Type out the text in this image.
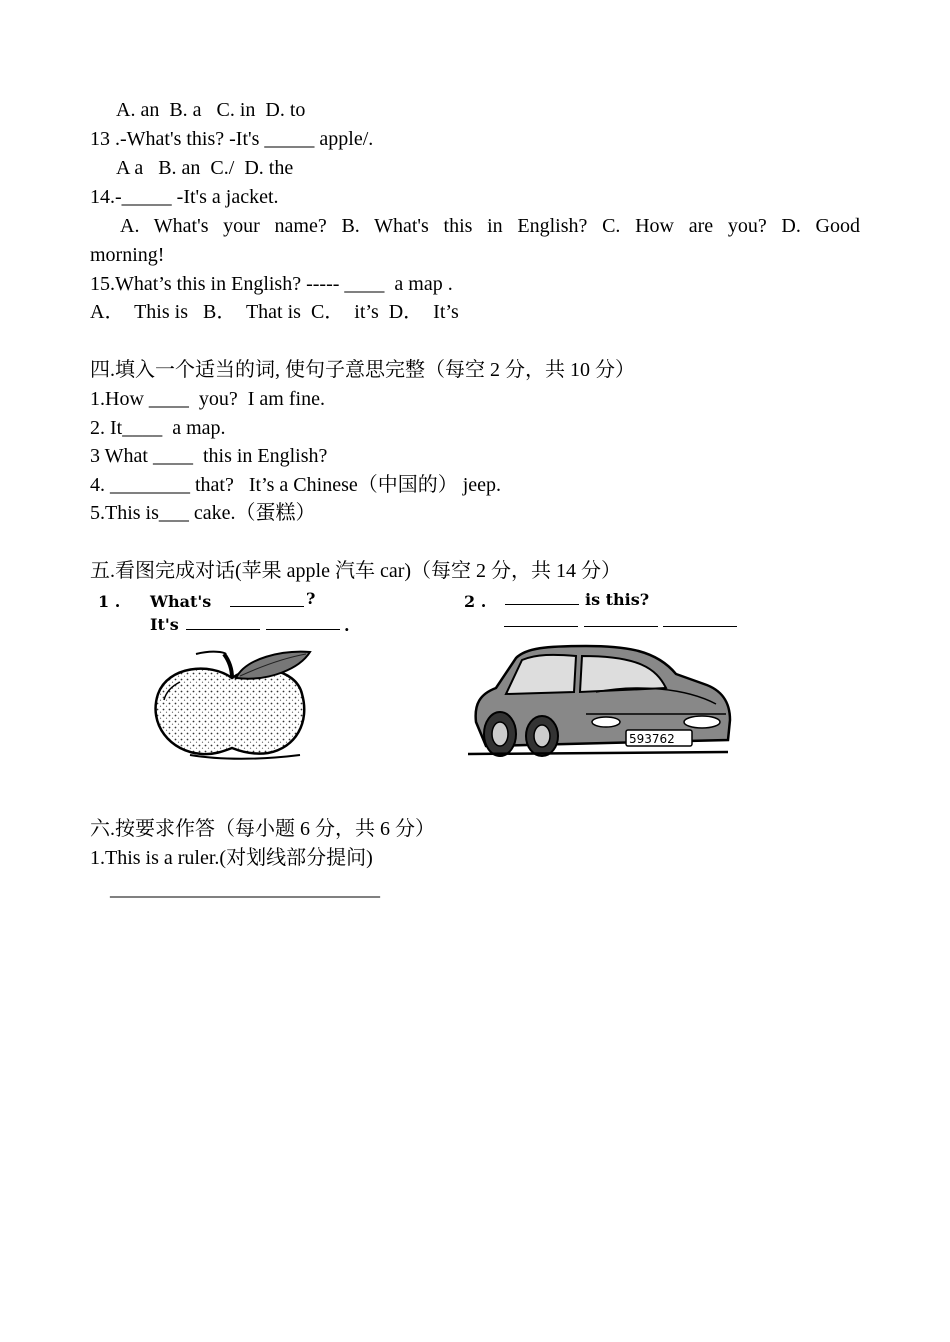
A. an  B. a   C. in  D. to
13 .-What's this? -It's _____ apple/.
A a   B. an  C./  D. the
14.-_____ -It's a jacket.
A. What's your name? B. What's this in English? C. How are you? D. Good
morning!
15.What’s this in English? ----- ____  a map .
A．  This is   B．  That is  C．  it’s  D．  It’s
四.填入一个适当的词, 使句子意思完整（每空 2 分，共 10 分）
1.How ____  you?  I am fine.
2. It____  a map.
3 What ____  this in English?
4. ________ that?   It’s a Chinese（中国的） jeep.
5.This is___ cake.（蛋糕）
五.看图完成对话(苹果 apple 汽车 car)（每空 2 分，共 14 分）
1 . What's	?
It's
	.
2 .	is this?

593762
六.按要求作答（每小题 6 分，共 6 分）
1.This is a ruler.(对划线部分提问)
___________________________
